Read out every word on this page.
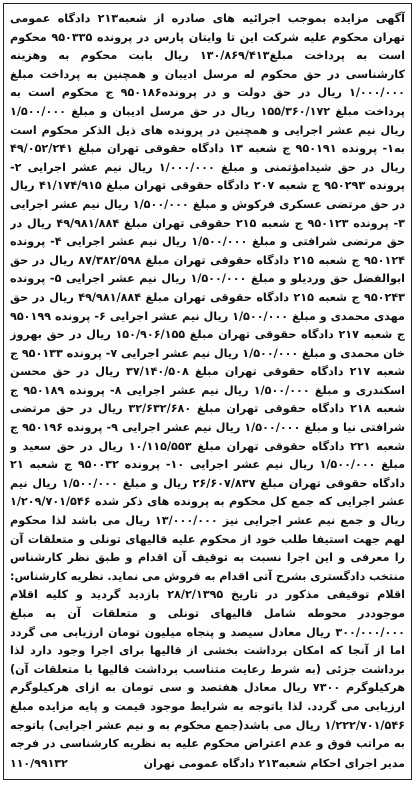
آگهی مزایده بموجب اجرائیه های صادره از شعبه۲۱۳ دادگاه عمومی تهران محکوم علیه شرکت این تا وایتان پارس در پرونده ۹۵۰۳۳۵ محکوم است به پرداخت مبلغ۱۳۰/۸۶۹/۴۱۳ ریال بابت محکوم به وهزینه کارشناسی در حق محکوم له مرسل ادیبان و همچنین به پرداخت مبلغ ۱/۰۰۰/۰۰۰ ریال در حق دولت و در پرونده۹۵۰۱۸۶ ج محکوم است به پرداخت مبلغ ۱۵۵/۳۶۰/۱۷۲ ریال در حق مرسل ادیبان و مبلغ ۱/۵۰۰/۰۰۰ ریال نیم عشر اجرایی و همچنین در پرونده های ذیل الذکر محکوم است به۱- پرونده ۹۵۰۱۹۱ ج شعبه ۱۳ دادگاه حقوقی تهران مبلغ ۴۹/۰۵۲/۲۴۱ ریال در حق شیدامؤتمنی و مبلغ ۱/۰۰۰/۰۰۰ ریال نیم عشر اجرایی ۲- پرونده ۹۵۰۲۹۳ ج شعبه ۲۰۷ دادگاه حقوقی تهران مبلغ ۴۱/۱۷۴/۹۱۵ ریال در حق مرتضی عسکری فرکوش و مبلغ ۱/۵۰۰/۰۰۰ ریال نیم عشر اجرایی ۳- پرونده ۹۵۰۱۲۳ ج شعبه ۲۱۵ حقوقی تهران مبلغ ۴۹/۹۸۱/۸۸۴ ریال در حق مرتضی شرافتی و مبلغ ۱/۵۰۰/۰۰۰ ریال نیم عشر اجرایی ۴- پرونده ۹۵۰۱۲۴ ج شعبه ۲۱۵ دادگاه حقوقی تهران مبلغ ۸۷/۳۸۲/۵۹۸ ریال در حق ابوالفضل حق وردیلو و مبلغ ۱/۵۰۰/۰۰۰ ریال نیم عشر اجرایی ۵- پرونده ۹۵۰۲۴۳ ج شعبه ۲۱۵ دادگاه حقوقی تهران مبلغ ۴۹/۹۸۱/۸۸۴ ریال در حق مهدی محمدی و مبلغ ۱/۵۰۰/۰۰۰ ریال نیم عشر اجرایی ۶- پرونده ۹۵۰۱۹۹ ج شعبه ۲۱۷ دادگاه حقوقی تهران مبلغ ۱۵۰/۹۰۶/۱۵۵ ریال در حق بهروز خان محمدی و مبلغ ۱/۵۰۰/۰۰۰ ریال نیم عشر اجرایی ۷- پرونده ۹۵۰۱۳۳ ج شعبه ۲۱۷ دادگاه حقوقی تهران مبلغ ۳۷/۱۴۰/۵۰۸ ریال در حق محسن اسکندری و مبلغ ۱/۵۰۰/۰۰۰ ریال نیم عشر اجرایی ۸- پرونده ۹۵۰۱۸۹ ج شعبه ۲۱۸ دادگاه حقوقی تهران مبلغ ۳۲/۶۳۲/۶۸۰ ریال در حق مرتضی شرافتی نیا و مبلغ ۱/۵۰۰/۰۰۰ ریال نیم عشر اجرایی ۹- پرونده ۹۵۰۱۹۶ ج شعبه ۲۲۱ دادگاه حقوقی تهران مبلغ ۱۰/۱۱۵/۵۵۳ ریال در حق سعید و مبلغ ۱/۵۰۰/۰۰۰ ریال نیم عشر اجرایی ۱۰- پرونده ۹۵۰۰۳۲ ج شعبه ۲۱ دادگاه حقوقی تهران مبلغ ۲۶/۶۰۷/۸۳۷ ریال و مبلغ ۱/۵۰۰/۰۰۰ ریال نیم عشر اجرایی که جمع کل محکوم به پرونده های ذکر شده ۱/۲۰۹/۷۰۱/۵۴۶ ریال و جمع نیم عشر اجرایی نیز ۱۳/۰۰۰/۰۰۰ ریال می باشد لذا محکوم لهم جهت استیفا طلب خود از محکوم علیه قالیهای تونلی و متعلقات آن را معرفی و این اجرا نسبت به توقیف آن اقدام و طبق نظر کارشناس منتخب دادگستری بشرح آتی اقدام به فروش می نماید. نظریه کارشناس: اقلام توقیفی مذکور در تاریخ ۲۸/۲/۱۳۹۵ بازدید گردید و کلیه اقلام موجوددر محوطه شامل قالیهای تونلی و متعلقات آن به مبلغ ۳۰۰/۰۰۰/۰۰۰ ریال معادل سیصد و پنجاه میلیون تومان ارزیابی می گردد اما از آنجا که امکان برداشت بخشی از قالیها برای اجرا وجود دارد لذا برداشت جزئی (به شرط رعایت متناسب برداشت قالیها با متعلقات آن) هرکیلوگرم ۷۳۰۰ ریال معادل هفتصد و سی تومان به ازای هرکیلوگرم ارزیابی می گردد. لذا باتوجه به شرایط موجود قیمت و پایه مزایده مبلغ ۱/۲۲۲/۷۰۱/۵۴۶ ریال می باشد(جمع محکوم به و نیم عشر اجرایی) باتوجه به مراتب فوق و عدم اعتراض محکوم علیه به نظریه کارشناسی در فرجه

مدیر اجرای احکام شعبه۲۱۳ دادگاه عمومی تهران
۱۱۰/۹۹۱۳۲
